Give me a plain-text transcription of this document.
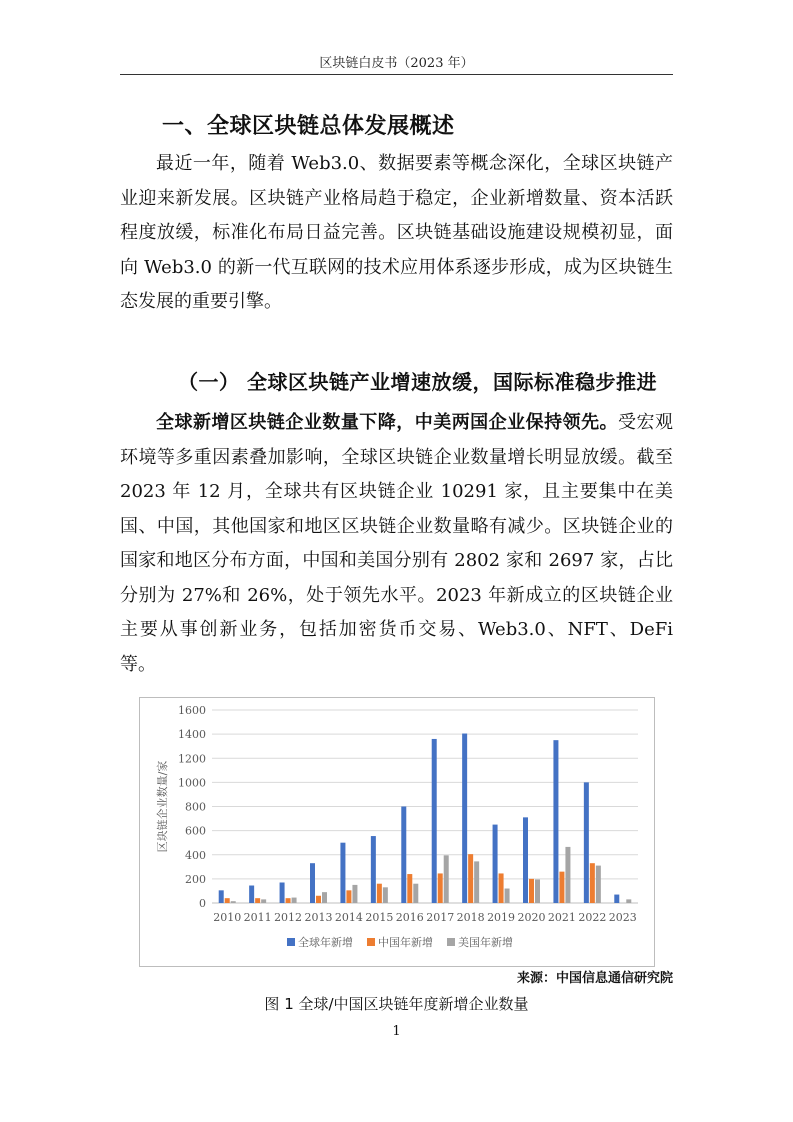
区块链白皮书（2023 年）
一、全球区块链总体发展概述

最近一年，随着 Web3.0、数据要素等概念深化，全球区块链产业迎来新发展。区块链产业格局趋于稳定，企业新增数量、资本活跃程度放缓，标准化布局日益完善。区块链基础设施建设规模初显，面向 Web3.0 的新一代互联网的技术应用体系逐步形成，成为区块链生态发展的重要引擎。

（一） 全球区块链产业增速放缓，国际标准稳步推进

全球新增区块链企业数量下降，中美两国企业保持领先。受宏观环境等多重因素叠加影响，全球区块链企业数量增长明显放缓。截至 2023 年 12 月，全球共有区块链企业 10291 家，且主要集中在美国、中国，其他国家和地区区块链企业数量略有减少。区块链企业的国家和地区分布方面，中国和美国分别有 2802 家和 2697 家，占比分别为 27%和 26%，处于领先水平。2023 年新成立的区块链企业主要从事创新业务，包括加密货币交易、Web3.0、NFT、DeFi 等。

0
200
400
600
800
1000
1200
1400
1600
区块链企业数量/家
2010 2011 2012 2013 2014 2015 2016 2017 2018 2019 2020 2021 2022 2023
全球年新增 中国年新增 美国年新增
来源：中国信息通信研究院
图 1 全球/中国区块链年度新增企业数量
1
